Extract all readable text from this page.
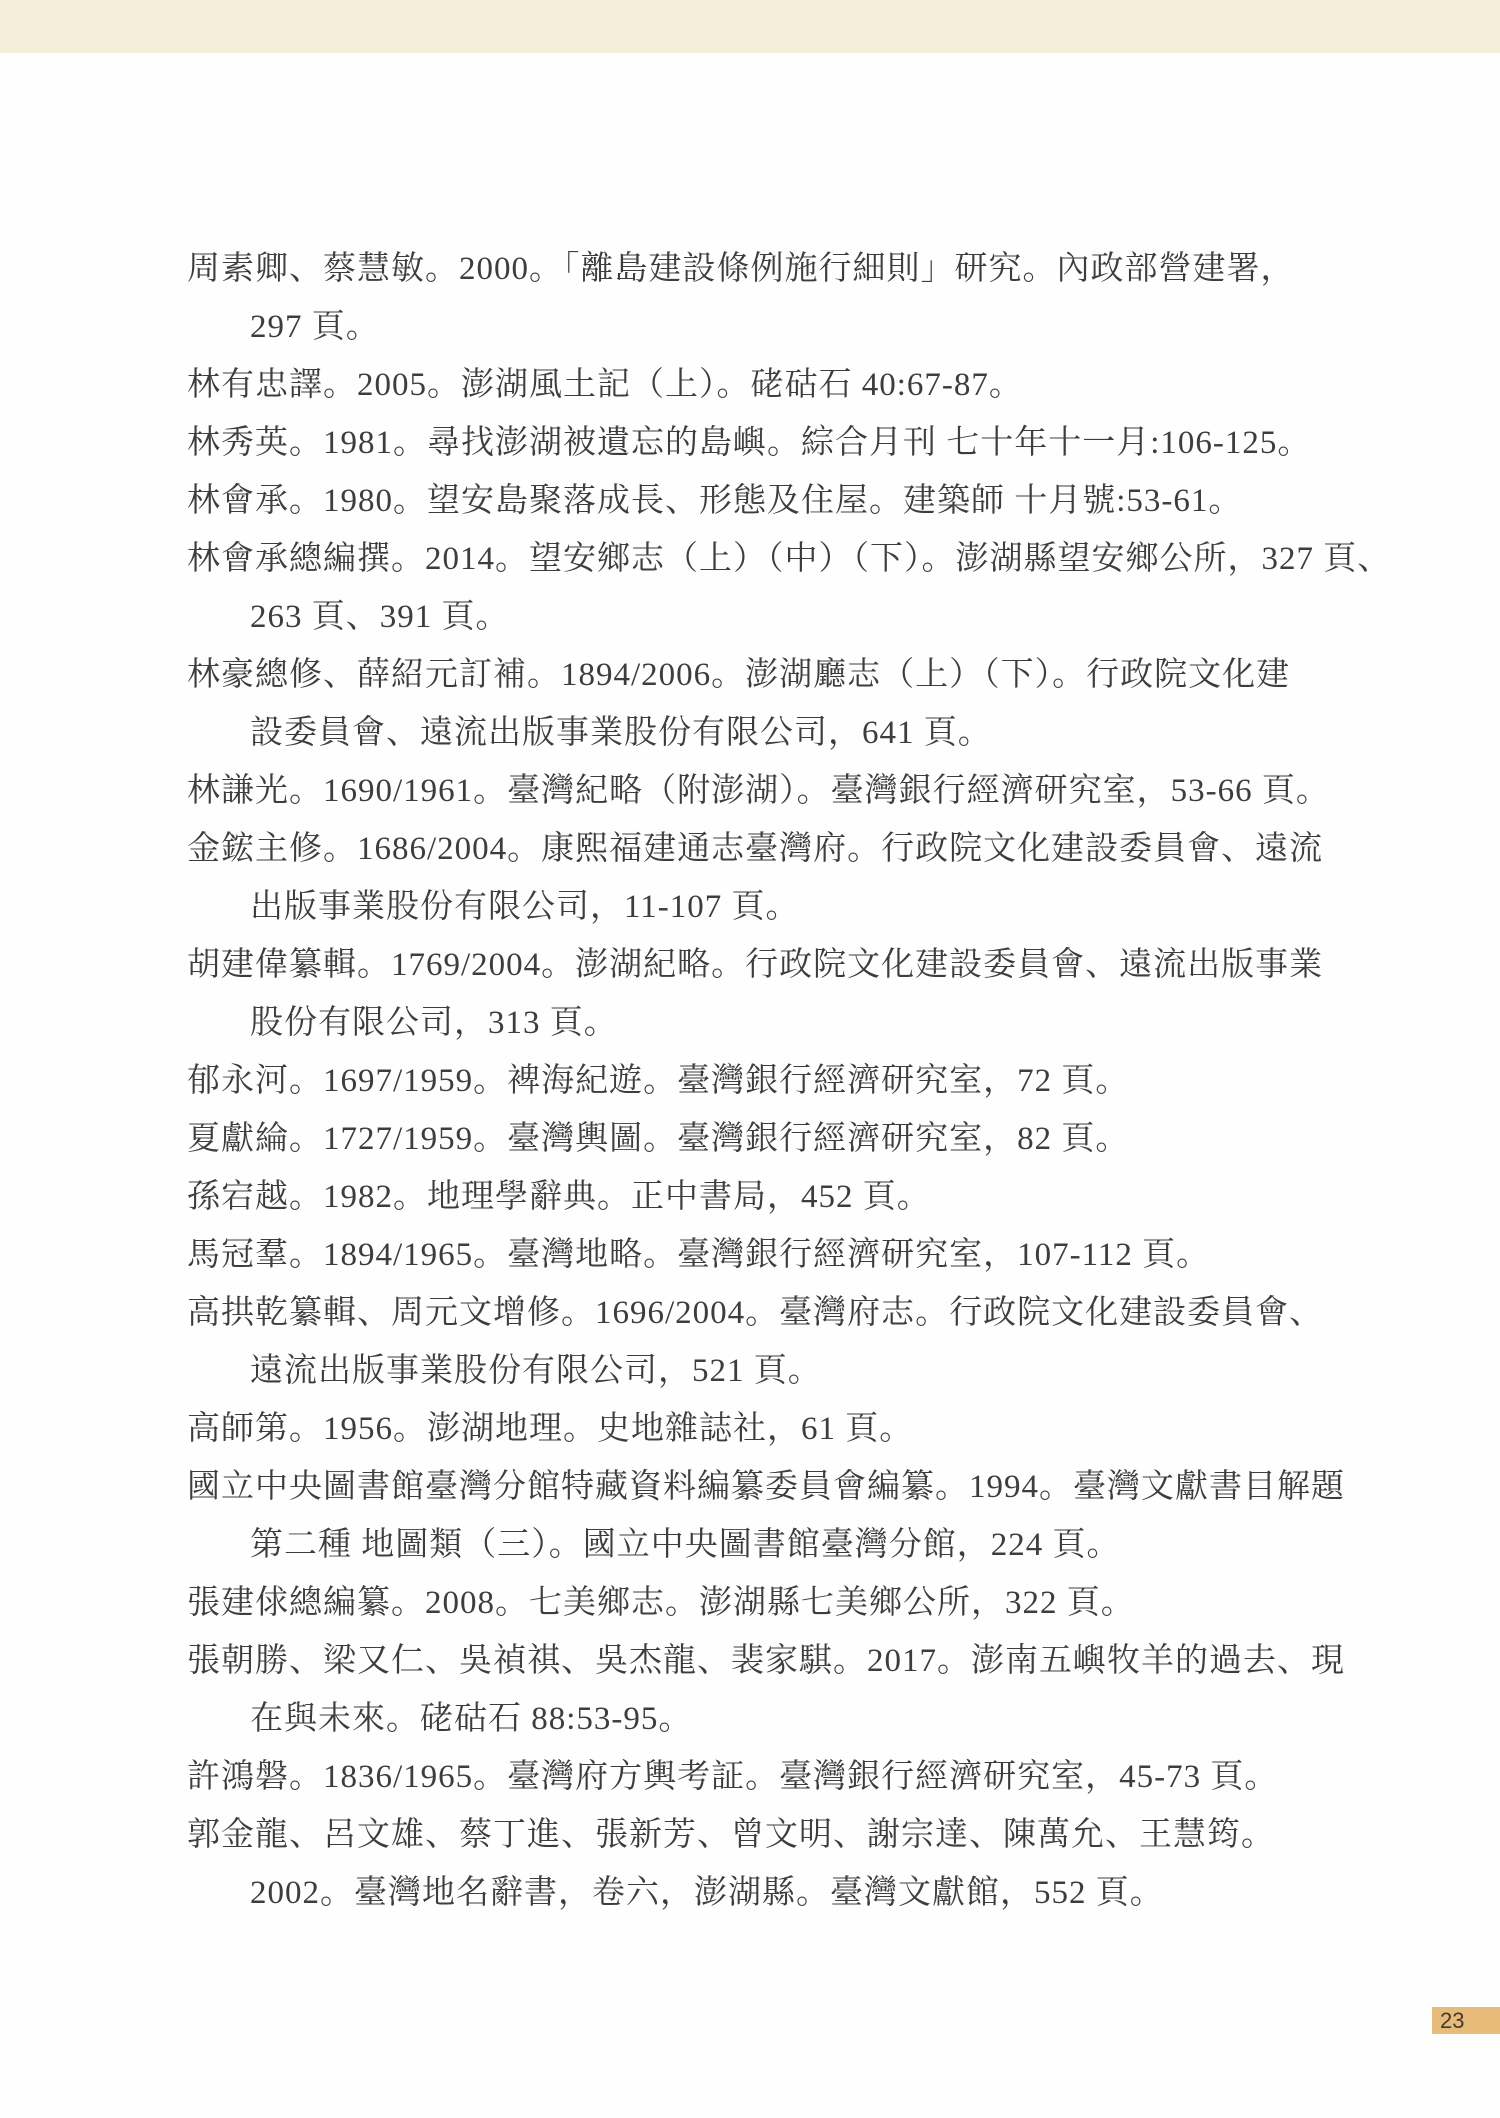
周素卿、蔡慧敏。2000。「離島建設條例施行細則」研究。內政部營建署，
297 頁。
林有忠譯。2005。澎湖風土記（上）。硓𥑮石 40:67-87。
林秀英。1981。尋找澎湖被遺忘的島嶼。綜合月刊 七十年十一月:106-125。
林會承。1980。望安島聚落成長、形態及住屋。建築師 十月號:53-61。
林會承總編撰。2014。望安鄉志（上）（中）（下）。澎湖縣望安鄉公所，327 頁、
263 頁、391 頁。
林豪總修、薛紹元訂補。1894/2006。澎湖廳志（上）（下）。行政院文化建
設委員會、遠流出版事業股份有限公司，641 頁。
林謙光。1690/1961。臺灣紀略（附澎湖）。臺灣銀行經濟研究室，53-66 頁。
金鋐主修。1686/2004。康熙福建通志臺灣府。行政院文化建設委員會、遠流
出版事業股份有限公司，11-107 頁。
胡建偉纂輯。1769/2004。澎湖紀略。行政院文化建設委員會、遠流出版事業
股份有限公司，313 頁。
郁永河。1697/1959。裨海紀遊。臺灣銀行經濟研究室，72 頁。
夏獻綸。1727/1959。臺灣輿圖。臺灣銀行經濟研究室，82 頁。
孫宕越。1982。地理學辭典。正中書局，452 頁。
馬冠羣。1894/1965。臺灣地略。臺灣銀行經濟研究室，107-112 頁。
高拱乾纂輯、周元文增修。1696/2004。臺灣府志。行政院文化建設委員會、
遠流出版事業股份有限公司，521 頁。
高師第。1956。澎湖地理。史地雜誌社，61 頁。
國立中央圖書館臺灣分館特藏資料編纂委員會編纂。1994。臺灣文獻書目解題
第二種 地圖類（三）。國立中央圖書館臺灣分館，224 頁。
張建俅總編纂。2008。七美鄉志。澎湖縣七美鄉公所，322 頁。
張朝勝、梁又仁、吳禎祺、吳杰龍、裴家騏。2017。澎南五嶼牧羊的過去、現
在與未來。硓𥑮石 88:53-95。
許鴻磐。1836/1965。臺灣府方輿考証。臺灣銀行經濟研究室，45-73 頁。
郭金龍、呂文雄、蔡丁進、張新芳、曾文明、謝宗達、陳萬允、王慧筠。
2002。臺灣地名辭書，卷六，澎湖縣。臺灣文獻館，552 頁。
23
